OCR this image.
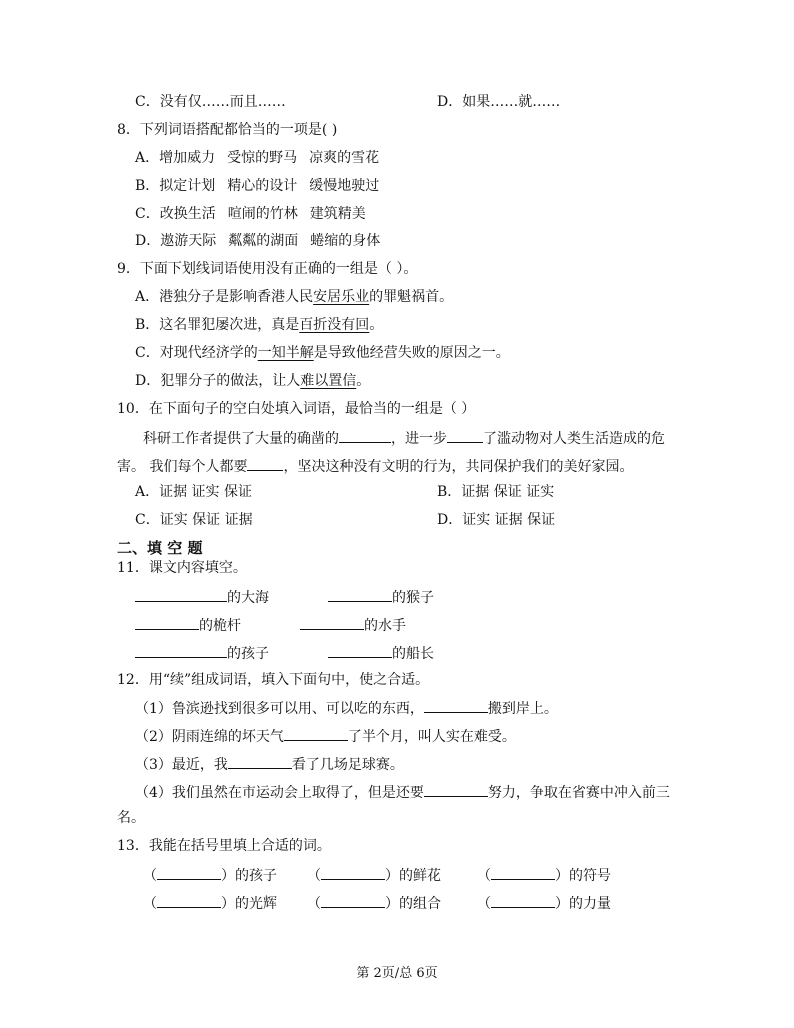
C．没有仅……而且……	D．如果……就……
8．下列词语搭配都恰当的一项是( )
A．增加威力 受惊的野马 凉爽的雪花
B．拟定计划 精心的设计 缓慢地驶过
C．改换生活 喧闹的竹林 建筑精美
D．遨游天际 粼粼的湖面 蜷缩的身体
9．下面下划线词语使用没有正确的一组是（ ）。
A．港独分子是影响香港人民安居乐业的罪魁祸首。
B．这名罪犯屡次进，真是百折没有回。
C．对现代经济学的一知半解是导致他经营失败的原因之一。
D．犯罪分子的做法，让人难以置信。
10．在下面句子的空白处填入词语，最恰当的一组是（ ）
科研工作者提供了大量的确凿的	，进一步	了滥动物对人类生活造成的危
害。 我们每个人都要	，坚决这种没有文明的行为，共同保护我们的美好家园。
A．证据 证实 保证	B．证据 保证 证实
C．证实 保证 证据	D．证实 证据 保证
二、填 空 题
11．课文内容填空。
的大海	的猴子
的桅杆	的水手
的孩子	的船长
12．用“续”组成词语，填入下面句中，使之合适。
（1）鲁滨逊找到很多可以用、可以吃的东西，	搬到岸上。
（2）阴雨连绵的坏天气	了半个月，叫人实在难受。
（3）最近，我	看了几场足球赛。
（4）我们虽然在市运动会上取得了，但是还要	努力，争取在省赛中冲入前三
名。
13．我能在括号里填上合适的词。
（	）的孩子 （	）的鲜花	（	）的符号
（	）的光辉 （	）的组合	（	）的力量
第 2页/总 6页
